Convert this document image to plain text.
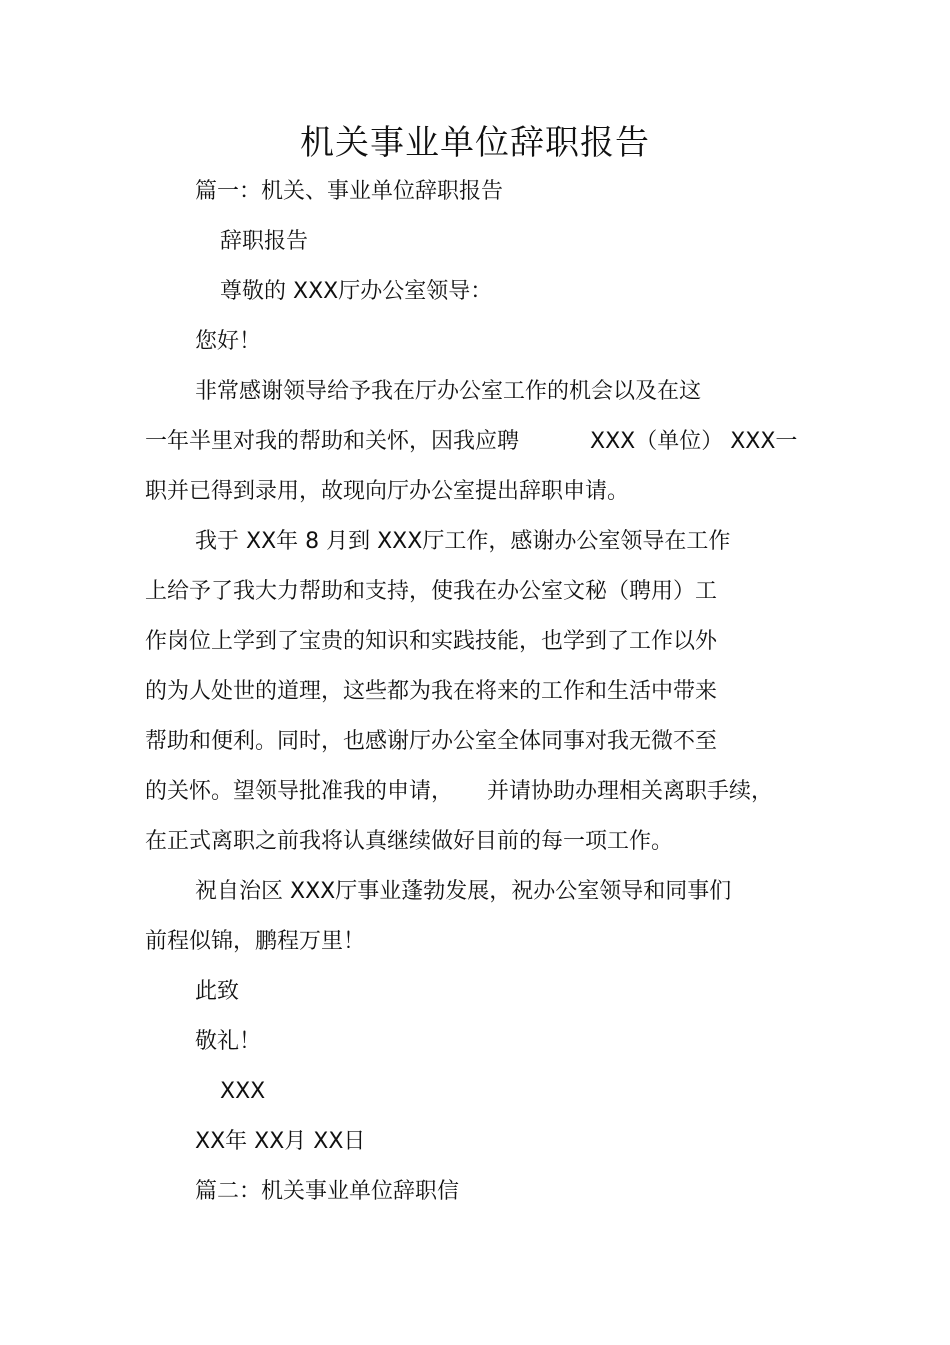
机关事业单位辞职报告
篇一：机关、事业单位辞职报告
辞职报告
尊敬的 XXX厅办公室领导：
您好！
非常感谢领导给予我在厅办公室工作的机会以及在这
一年半里对我的帮助和关怀，因我应聘	XXX（单位） XXX一
职并已得到录用，故现向厅办公室提出辞职申请。
我于 XX年 8 月到 XXX厅工作，感谢办公室领导在工作
上给予了我大力帮助和支持，使我在办公室文秘（聘用）工
作岗位上学到了宝贵的知识和实践技能，也学到了工作以外
的为人处世的道理，这些都为我在将来的工作和生活中带来
帮助和便利。同时，也感谢厅办公室全体同事对我无微不至
的关怀。望领导批准我的申请， 并请协助办理相关离职手续，
在正式离职之前我将认真继续做好目前的每一项工作。
祝自治区 XXX厅事业蓬勃发展，祝办公室领导和同事们
前程似锦，鹏程万里！
此致
敬礼！
XXX
XX年 XX月 XX日
篇二：机关事业单位辞职信
